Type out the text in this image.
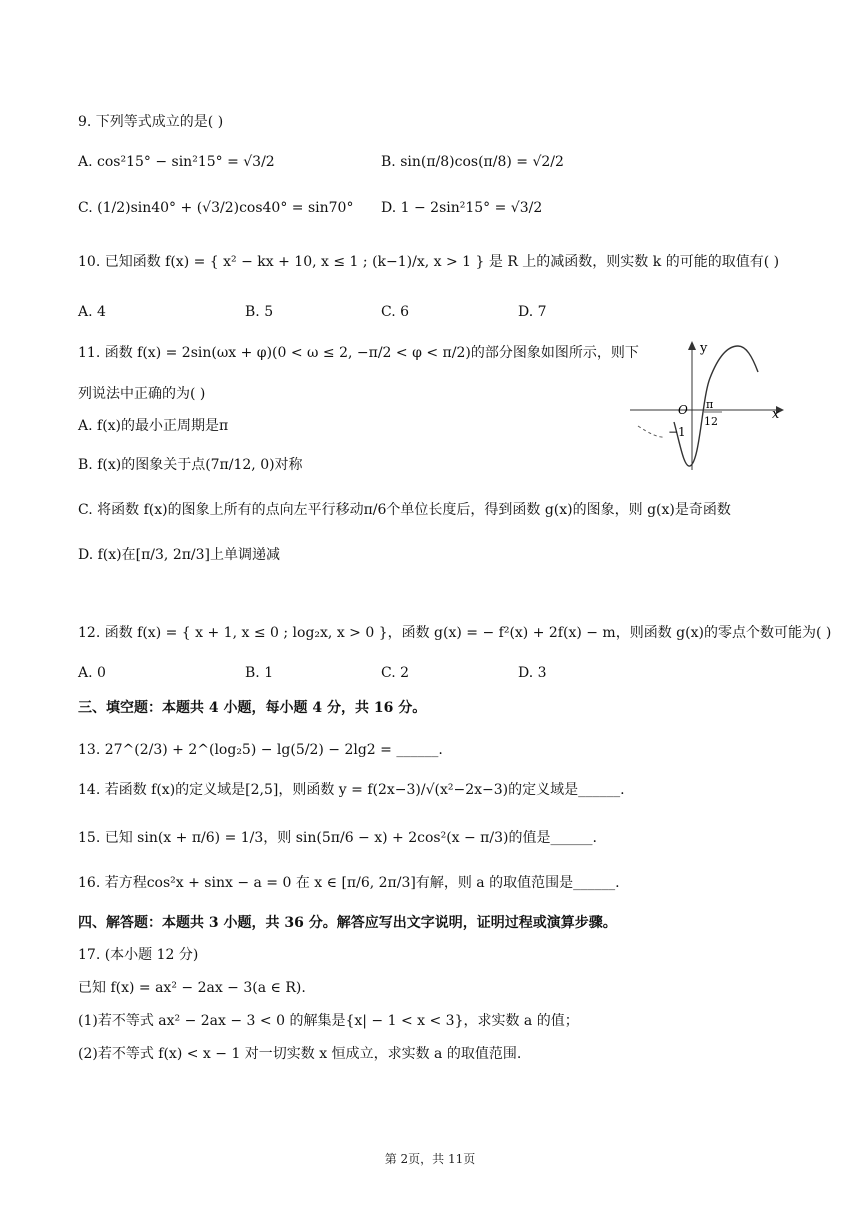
9. 下列等式成立的是( )
A. cos²15° − sin²15° = √3/2	B. sin(π/8)cos(π/8) = √2/2
C. (1/2)sin40° + (√3/2)cos40° = sin70° D. 1 − 2sin²15° = √3/2
10. 已知函数 f(x) = { x² − kx + 10, x ≤ 1 ; (k−1)/x, x > 1 } 是 R 上的减函数，则实数 k 的可能的取值有( )
A. 4	B. 5	C. 6	D. 7
11. 函数 f(x) = 2sin(ωx + φ)(0 < ω ≤ 2, −π/2 < φ < π/2)的部分图象如图所示，则下
列说法中正确的为( )
A. f(x)的最小正周期是π
B. f(x)的图象关于点(7π/12, 0)对称
C. 将函数 f(x)的图象上所有的点向左平行移动π/6个单位长度后，得到函数 g(x)的图象，则 g(x)是奇函数
D. f(x)在[π/3, 2π/3]上单调递减
y
x
O π
12
−1
12. 函数 f(x) = { x + 1, x ≤ 0 ; log₂x, x > 0 }，函数 g(x) = − f²(x) + 2f(x) − m，则函数 g(x)的零点个数可能为( )
A. 0	B. 1	C. 2	D. 3
三、填空题：本题共 4 小题，每小题 4 分，共 16 分。
13. 27^(2/3) + 2^(log₂5) − lg(5/2) − 2lg2 = ______.
14. 若函数 f(x)的定义域是[2,5]，则函数 y = f(2x−3)/√(x²−2x−3)的定义域是______.
15. 已知 sin(x + π/6) = 1/3，则 sin(5π/6 − x) + 2cos²(x − π/3)的值是______.
16. 若方程cos²x + sinx − a = 0 在 x ∈ [π/6, 2π/3]有解，则 a 的取值范围是______.
四、解答题：本题共 3 小题，共 36 分。解答应写出文字说明，证明过程或演算步骤。
17. (本小题 12 分)
已知 f(x) = ax² − 2ax − 3(a ∈ R).
(1)若不等式 ax² − 2ax − 3 < 0 的解集是{x| − 1 < x < 3}，求实数 a 的值；
(2)若不等式 f(x) < x − 1 对一切实数 x 恒成立，求实数 a 的取值范围.
第 2页，共 11页
